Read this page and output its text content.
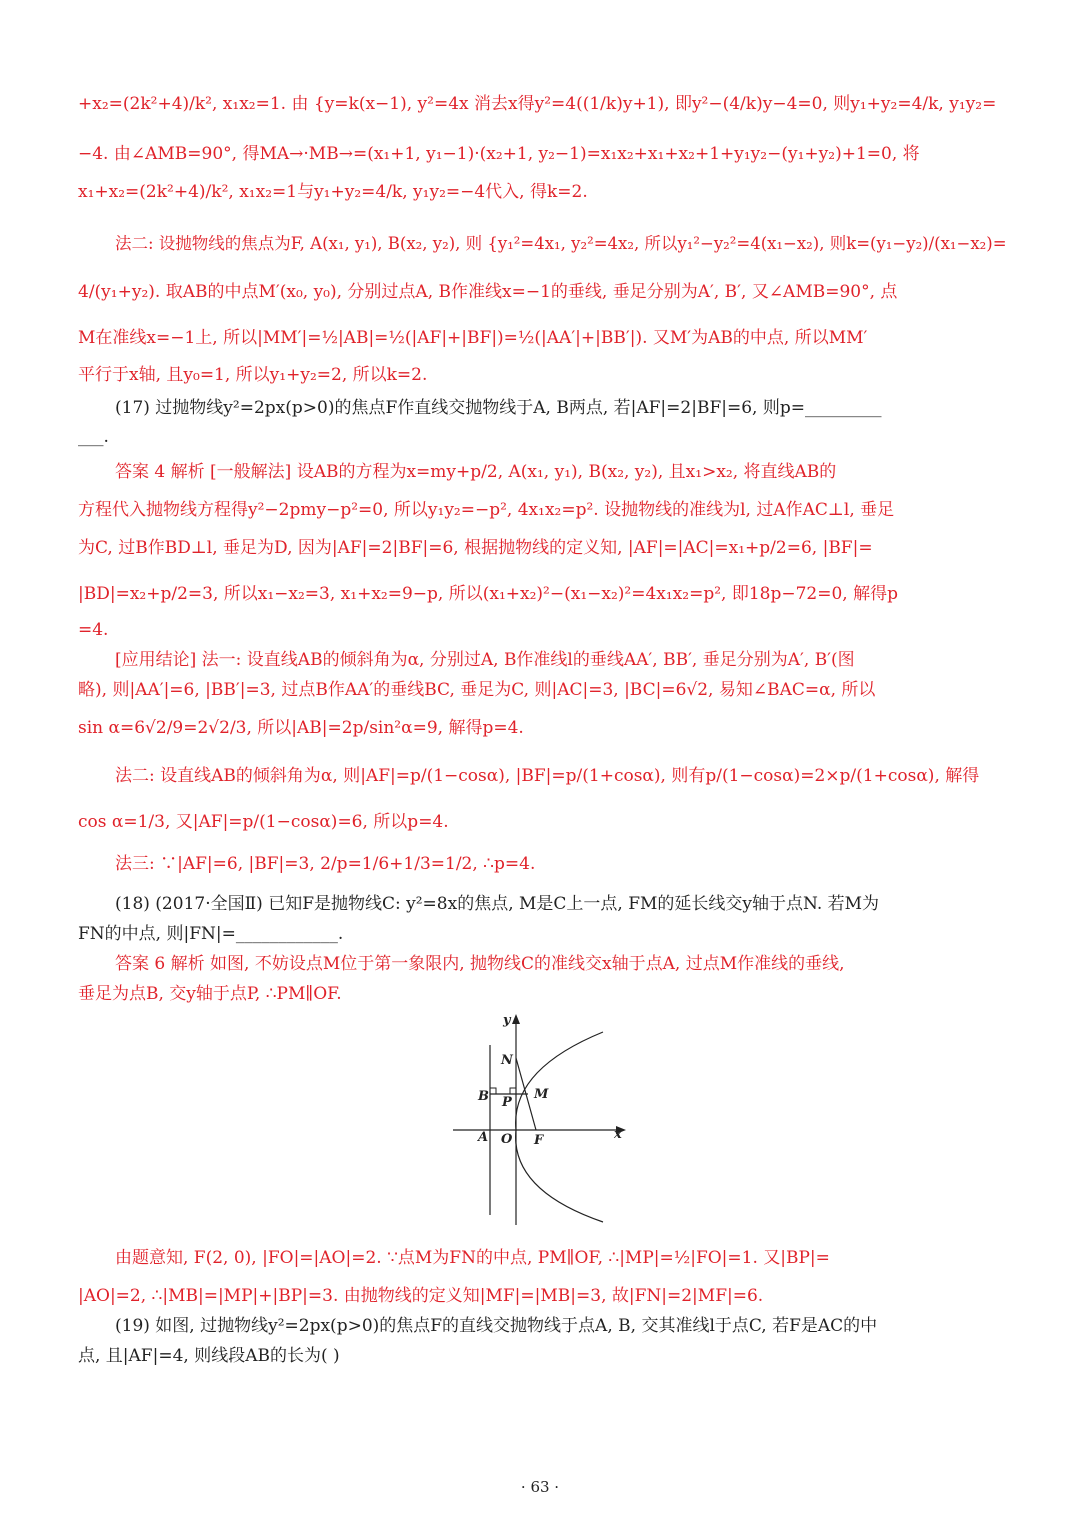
+x₂=(2k²+4)/k², x₁x₂=1. 由 {y=k(x−1), y²=4x 消去x得y²=4((1/k)y+1), 即y²−(4/k)y−4=0, 则y₁+y₂=4/k, y₁y₂=
−4. 由∠AMB=90°, 得MA→·MB→=(x₁+1, y₁−1)·(x₂+1, y₂−1)=x₁x₂+x₁+x₂+1+y₁y₂−(y₁+y₂)+1=0, 将
x₁+x₂=(2k²+4)/k², x₁x₂=1与y₁+y₂=4/k, y₁y₂=−4代入, 得k=2.
法二: 设抛物线的焦点为F, A(x₁, y₁), B(x₂, y₂), 则 {y₁²=4x₁, y₂²=4x₂, 所以y₁²−y₂²=4(x₁−x₂), 则k=(y₁−y₂)/(x₁−x₂)=
4/(y₁+y₂). 取AB的中点M′(x₀, y₀), 分别过点A, B作准线x=−1的垂线, 垂足分别为A′, B′, 又∠AMB=90°, 点
M在准线x=−1上, 所以|MM′|=½|AB|=½(|AF|+|BF|)=½(|AA′|+|BB′|). 又M′为AB的中点, 所以MM′
平行于x轴, 且y₀=1, 所以y₁+y₂=2, 所以k=2.
(17) 过抛物线y²=2px(p>0)的焦点F作直线交抛物线于A, B两点, 若|AF|=2|BF|=6, 则p=_________
___.
答案 4 解析 [一般解法] 设AB的方程为x=my+p/2, A(x₁, y₁), B(x₂, y₂), 且x₁>x₂, 将直线AB的
方程代入抛物线方程得y²−2pmy−p²=0, 所以y₁y₂=−p², 4x₁x₂=p². 设抛物线的准线为l, 过A作AC⊥l, 垂足
为C, 过B作BD⊥l, 垂足为D, 因为|AF|=2|BF|=6, 根据抛物线的定义知, |AF|=|AC|=x₁+p/2=6, |BF|=
|BD|=x₂+p/2=3, 所以x₁−x₂=3, x₁+x₂=9−p, 所以(x₁+x₂)²−(x₁−x₂)²=4x₁x₂=p², 即18p−72=0, 解得p
=4.
[应用结论] 法一: 设直线AB的倾斜角为α, 分别过A, B作准线l的垂线AA′, BB′, 垂足分别为A′, B′(图
略), 则|AA′|=6, |BB′|=3, 过点B作AA′的垂线BC, 垂足为C, 则|AC|=3, |BC|=6√2, 易知∠BAC=α, 所以
sin α=6√2/9=2√2/3, 所以|AB|=2p/sin²α=9, 解得p=4.
法二: 设直线AB的倾斜角为α, 则|AF|=p/(1−cosα), |BF|=p/(1+cosα), 则有p/(1−cosα)=2×p/(1+cosα), 解得
cos α=1/3, 又|AF|=p/(1−cosα)=6, 所以p=4.
法三: ∵|AF|=6, |BF|=3, 2/p=1/6+1/3=1/2, ∴p=4.
(18) (2017·全国Ⅱ) 已知F是抛物线C: y²=8x的焦点, M是C上一点, FM的延长线交y轴于点N. 若M为
FN的中点, 则|FN|=____________.
答案 6 解析 如图, 不妨设点M位于第一象限内, 抛物线C的准线交x轴于点A, 过点M作准线的垂线,
垂足为点B, 交y轴于点P, ∴PM∥OF.
由题意知, F(2, 0), |FO|=|AO|=2. ∵点M为FN的中点, PM∥OF, ∴|MP|=½|FO|=1. 又|BP|=
|AO|=2, ∴|MB|=|MP|+|BP|=3. 由抛物线的定义知|MF|=|MB|=3, 故|FN|=2|MF|=6.
(19) 如图, 过抛物线y²=2px(p>0)的焦点F的直线交抛物线于点A, B, 交其准线l于点C, 若F是AC的中
点, 且|AF|=4, 则线段AB的长为( )
y
x
N
B P
M
A O F
· 63 ·
